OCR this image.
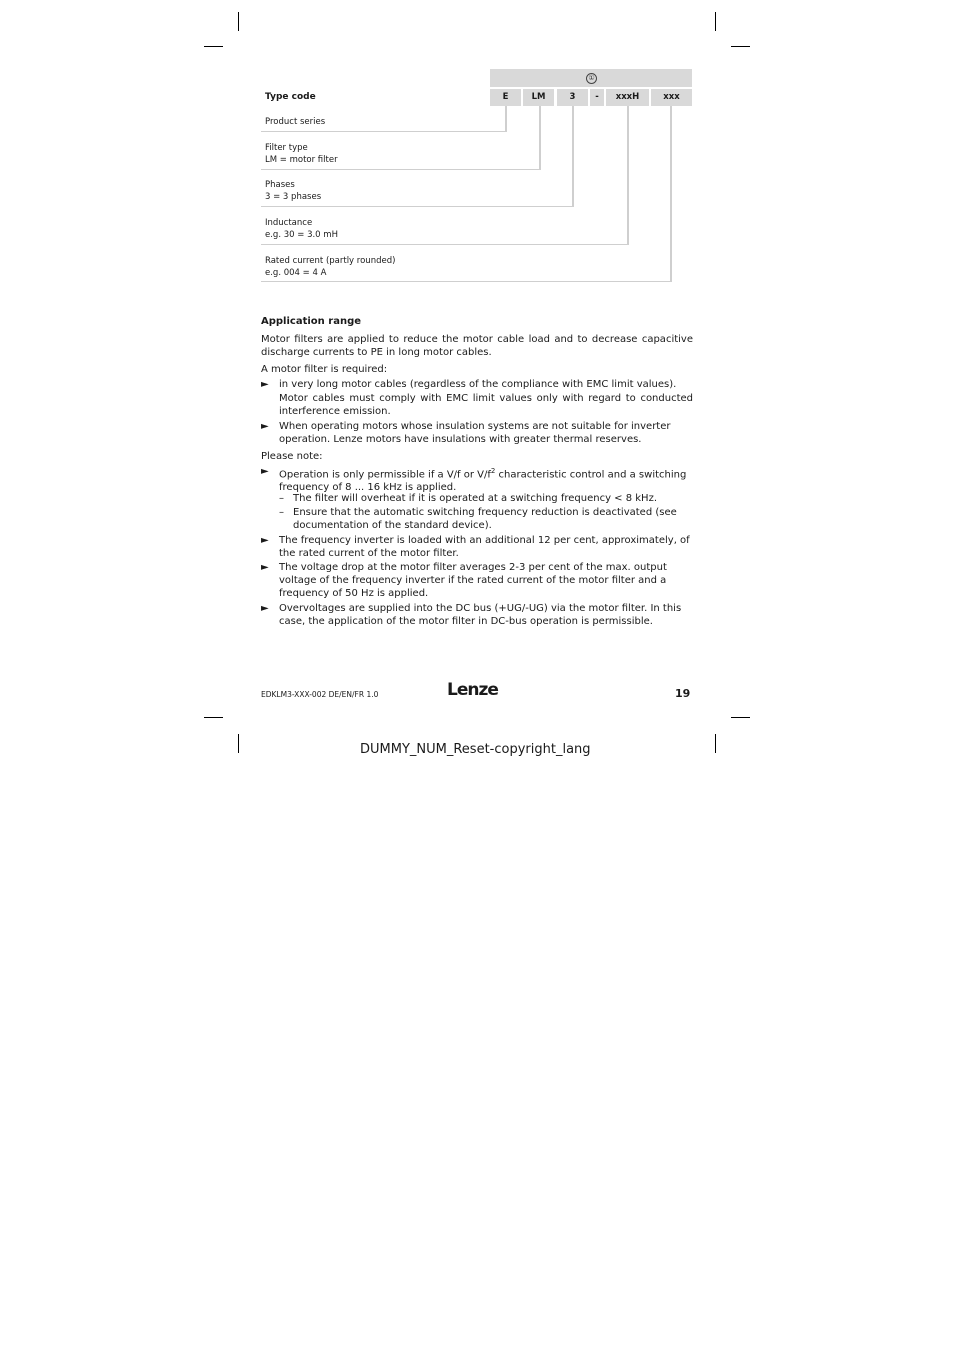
①
Type code	E	LM	3	-	xxxH	xxx
Product series
Filter type
LM = motor filter
Phases
3 = 3 phases
Inductance
e.g. 30 = 3.0 mH
Rated current (partly rounded)
e.g. 004 = 4 A
Application range
Motor filters are applied to reduce the motor cable load and to decrease capacitive discharge currents to PE in long motor cables.
A motor filter is required:
► in very long motor cables (regardless of the compliance with EMC limit values).
Motor cables must comply with EMC limit values only with regard to conducted interference emission.
► When operating motors whose insulation systems are not suitable for inverter operation. Lenze motors have insulations with greater thermal reserves.
Please note:
► Operation is only permissible if a V/f or $V/f^2$ characteristic control and a switching frequency of 8 ... 16 kHz is applied.
– The filter will overheat if it is operated at a switching frequency < 8 kHz.
– Ensure that the automatic switching frequency reduction is deactivated (see documentation of the standard device).
► The frequency inverter is loaded with an additional 12 per cent, approximately, of the rated current of the motor filter.
► The voltage drop at the motor filter averages 2-3 per cent of the max. output voltage of the frequency inverter if the rated current of the motor filter and a frequency of 50 Hz is applied.
► Overvoltages are supplied into the DC bus (+UG/-UG) via the motor filter. In this case, the application of the motor filter in DC-bus operation is permissible.
EDKLM3-XXX-002 DE/EN/FR 1.0	Lenze	19
DUMMY_NUM_Reset-copyright_lang
